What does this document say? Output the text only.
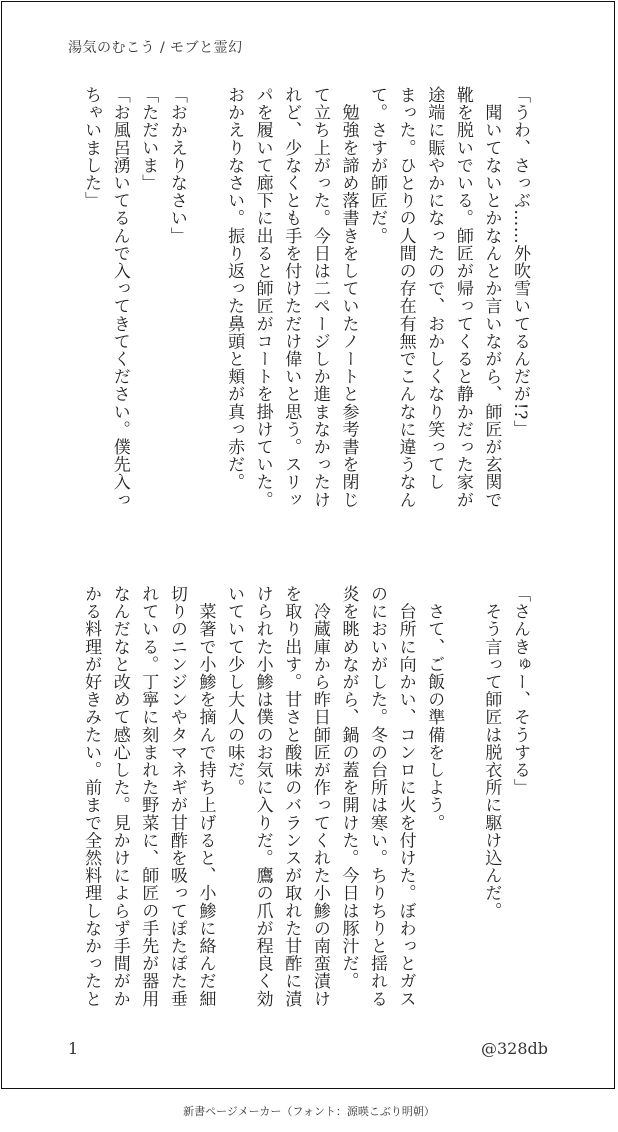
湯気のむこう / モブと霊幻
「うわ、さっぶ……外吹雪いてるんだが!?」
　聞いてないとかなんとか言いながら、師匠が玄関で
靴を脱いでいる。師匠が帰ってくると静かだった家が
途端に賑やかになったので、おかしくなり笑ってし
まった。ひとりの人間の存在有無でこんなに違うなん
て。さすが師匠だ。
　勉強を諦め落書きをしていたノートと参考書を閉じ
て立ち上がった。今日は二ページしか進まなかったけ
れど、少なくとも手を付けただけ偉いと思う。スリッ
パを履いて廊下に出ると師匠がコートを掛けていた。
おかえりなさい。振り返った鼻頭と頬が真っ赤だ。
「おかえりなさい」
「ただいま」
「お風呂湧いてるんで入ってきてください。僕先入っ
ちゃいました」
「さんきゅー、そうする」
　そう言って師匠は脱衣所に駆け込んだ。
　さて、ご飯の準備をしよう。
　台所に向かい、コンロに火を付けた。ぼわっとガス
のにおいがした。冬の台所は寒い。ちりちりと揺れる
炎を眺めながら、鍋の蓋を開けた。今日は豚汁だ。
　冷蔵庫から昨日師匠が作ってくれた小鯵の南蛮漬け
を取り出す。甘さと酸味のバランスが取れた甘酢に漬
けられた小鯵は僕のお気に入りだ。鷹の爪が程良く効
いていて少し大人の味だ。
　菜箸で小鯵を摘んで持ち上げると、小鯵に絡んだ細
切りのニンジンやタマネギが甘酢を吸ってぽたぽた垂
れている。丁寧に刻まれた野菜に、師匠の手先が器用
なんだなと改めて感心した。見かけによらず手間がか
かる料理が好きみたい。前まで全然料理しなかったと
1	@328db
新書ページメーカー（フォント：源暎こぶり明朝）
